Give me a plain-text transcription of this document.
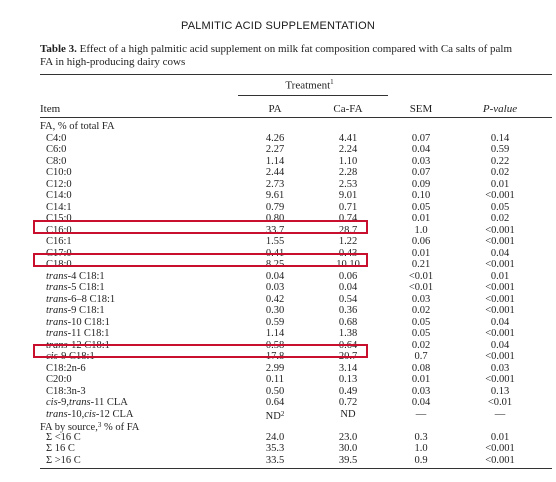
PALMITIC ACID SUPPLEMENTATION
Table 3. Effect of a high palmitic acid supplement on milk fat composition compared with Ca salts of palm
FA in high-producing dairy cows
Treatment$^1$
Item	PA	Ca-FA	SEM	P-value
FA, % of total FA
C4:0	4.26	4.41	0.07	0.14
C6:0	2.27	2.24	0.04	0.59
C8:0	1.14	1.10	0.03	0.22
C10:0	2.44	2.28	0.07	0.02
C12:0	2.73	2.53	0.09	0.01
C14:0	9.61	9.01	0.10	<0.001
C14:1	0.79	0.71	0.05	0.05
C15:0	0.80	0.74	0.01	0.02
C16:0	33.7	28.7	1.0	<0.001
C16:1	1.55	1.22	0.06	<0.001
C17:0	0.41	0.43	0.01	0.04
C18:0	8.25	10.10	0.21	<0.001
trans-4 C18:1	0.04	0.06	<0.01	0.01
trans-5 C18:1	0.03	0.04	<0.01	<0.001
trans-6–8 C18:1	0.42	0.54	0.03	<0.001
trans-9 C18:1	0.30	0.36	0.02	<0.001
trans-10 C18:1	0.59	0.68	0.05	0.04
trans-11 C18:1	1.14	1.38	0.05	<0.001
trans-12 C18:1	0.58	0.64	0.02	0.04
cis-9 C18:1	17.8	20.7	0.7	<0.001
C18:2n-6	2.99	3.14	0.08	0.03
C20:0	0.11	0.13	0.01	<0.001
C18:3n-3	0.50	0.49	0.03	0.13
cis-9,trans-11 CLA	0.64	0.72	0.04	<0.01
trans-10,cis-12 CLA	$ND^2$	ND	—	—
FA by source,$^3$ % of FA
Σ <16 C	24.0	23.0	0.3	0.01
Σ 16 C	35.3	30.0	1.0	<0.001
Σ >16 C	33.5	39.5	0.9	<0.001
